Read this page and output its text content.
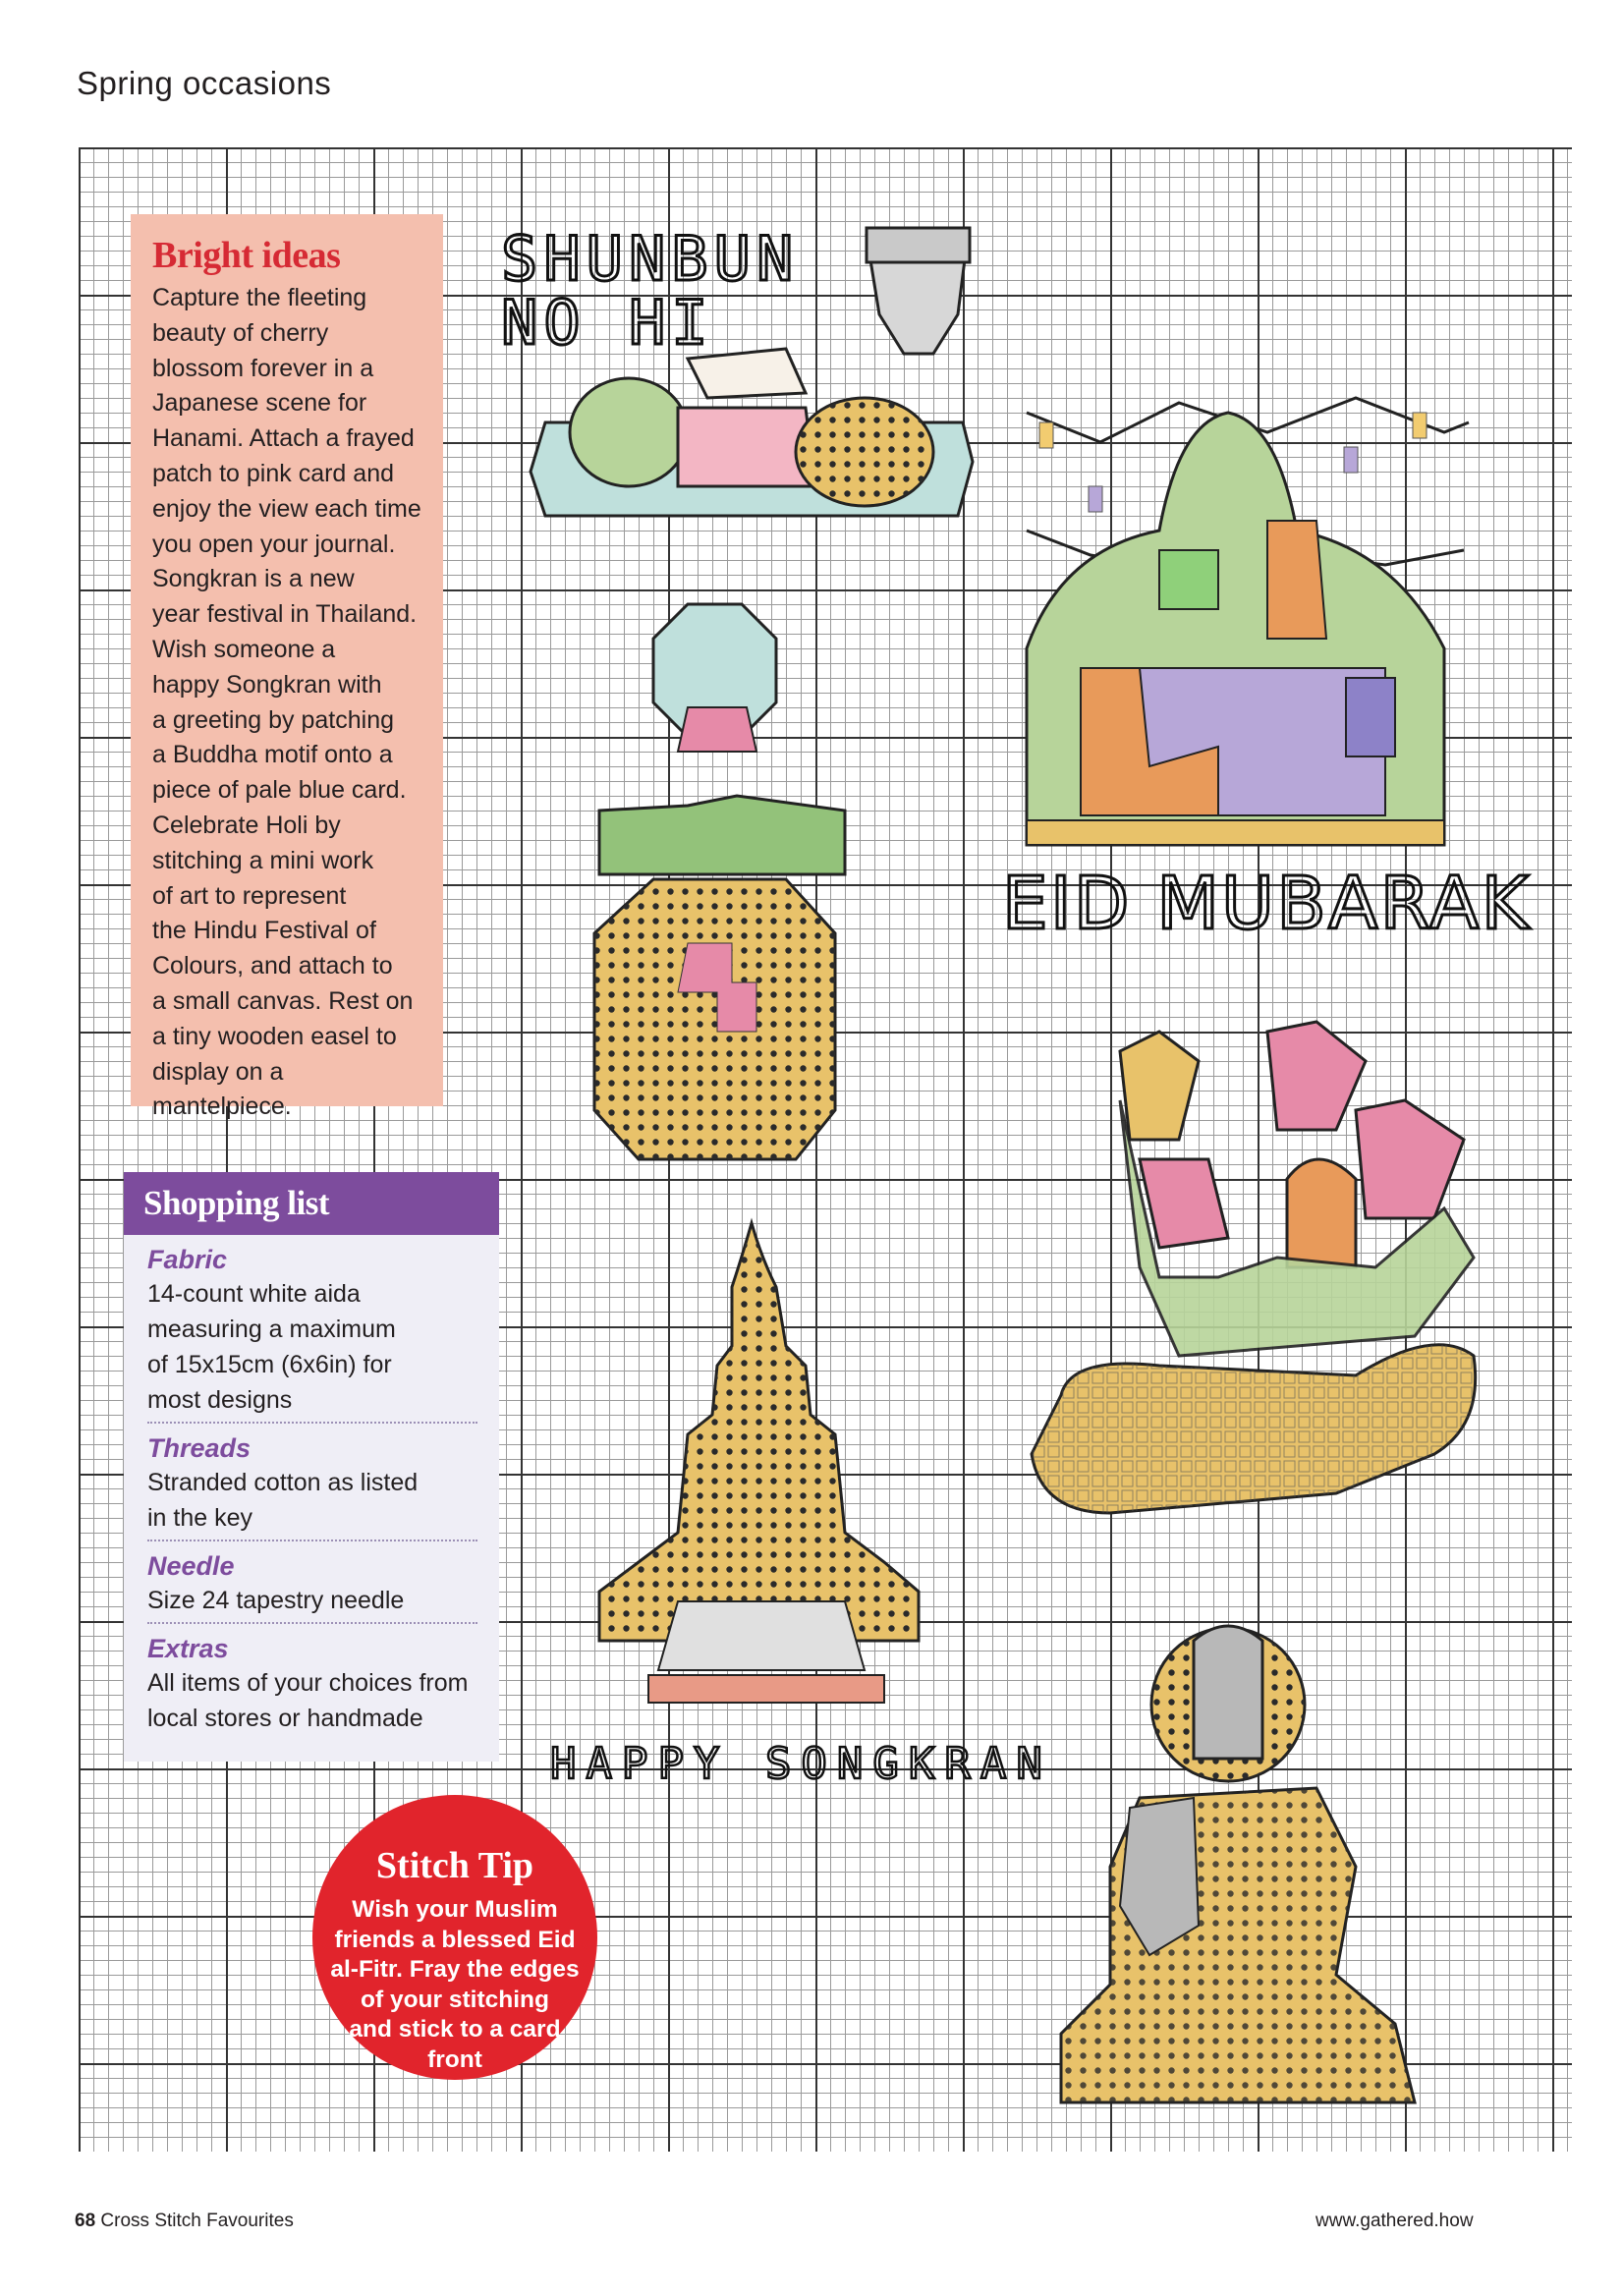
Spring occasions
SHUNBUN
NO HI
EID MUBARAK
HAPPY SONGKRAN
Bright ideas

Capture the fleeting
beauty of cherry
blossom forever in a
Japanese scene for
Hanami. Attach a frayed
patch to pink card and
enjoy the view each time
you open your journal.
Songkran is a new
year festival in Thailand.
Wish someone a
happy Songkran with
a greeting by patching
a Buddha motif onto a
piece of pale blue card.
Celebrate Holi by
stitching a mini work
of art to represent
the Hindu Festival of
Colours, and attach to
a small canvas. Rest on
a tiny wooden easel to
display on a mantelpiece.

Shopping list
Fabric

14-count white aida
measuring a maximum
of 15x15cm (6x6in) for
most designs

Threads

Stranded cotton as listed
in the key

Needle

Size 24 tapestry needle

Extras

All items of your choices from
local stores or handmade

Stitch Tip

Wish your Muslim
friends a blessed Eid
al-Fitr. Fray the edges
of your stitching
and stick to a card
front

68 Cross Stitch Favourites	www.gathered.how
